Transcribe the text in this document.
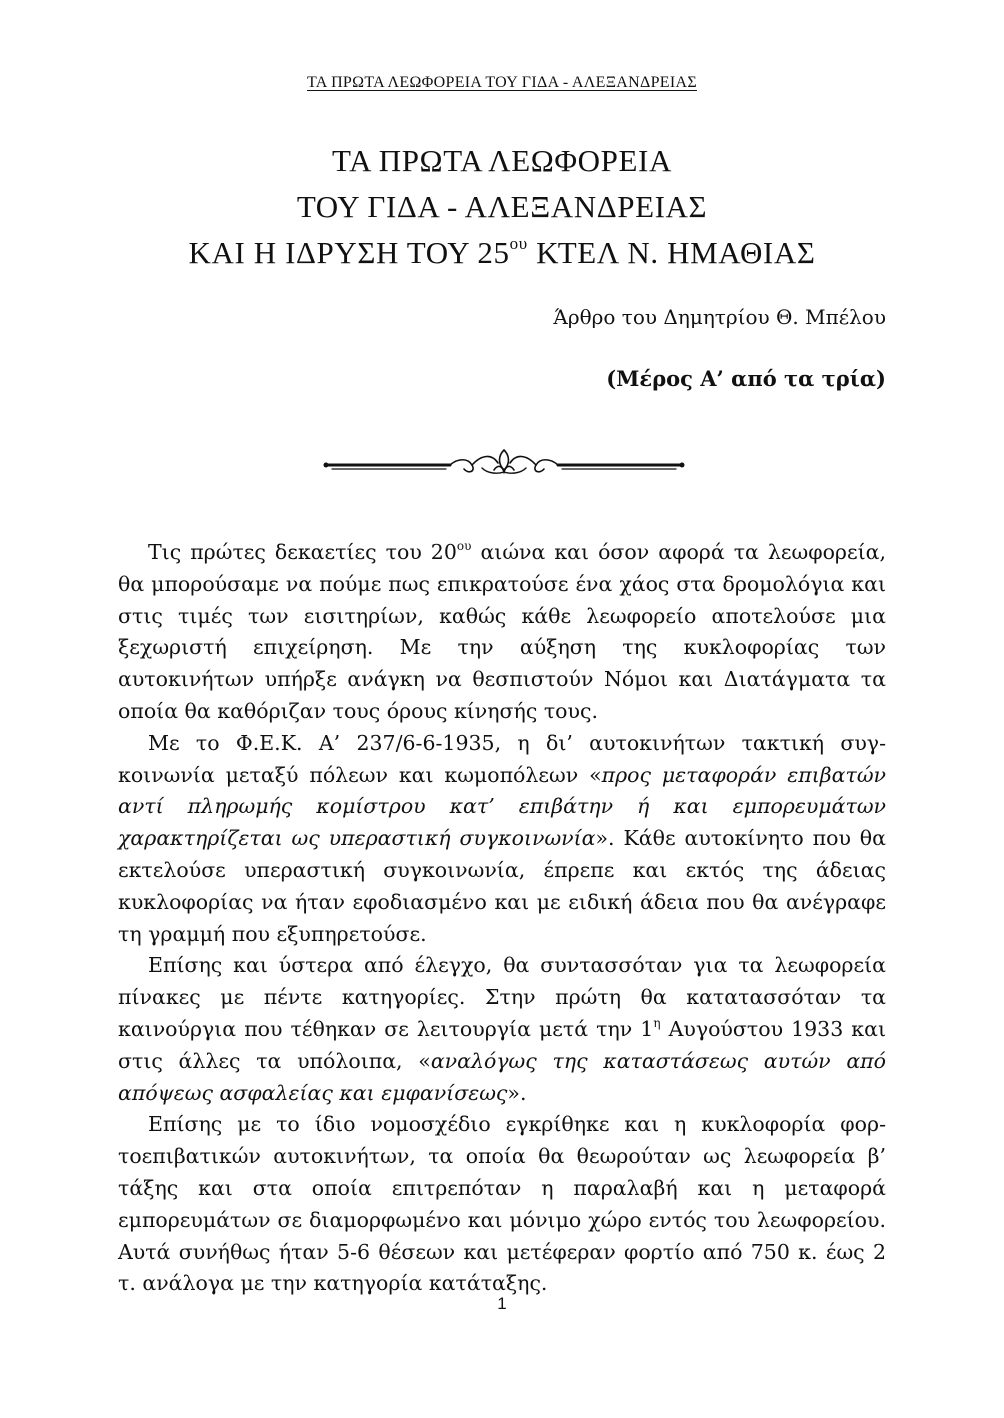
ΤΑ ΠΡΩΤΑ ΛΕΩΦΟΡΕΙΑ ΤΟΥ ΓΙΔΑ - ΑΛΕΞΑΝΔΡΕΙΑΣ
ΤΑ ΠΡΩΤΑ ΛΕΩΦΟΡΕΙΑ
ΤΟΥ ΓΙΔΑ - ΑΛΕΞΑΝΔΡΕΙΑΣ
ΚΑΙ Η ΙΔΡΥΣΗ ΤΟΥ $25^{o\upsilon}$ ΚΤΕΛ Ν. ΗΜΑΘΙΑΣ
Άρθρο του Δημητρίου Θ. Μπέλου
(Μέρος Α’ από τα τρία)

Τις πρώτες δεκαετίες του $20^{o\upsilon}$ αιώνα και όσον αφορά τα λεωφορεία, θα μπορούσαμε να πούμε πως επικρατούσε ένα χάος στα δρομολόγια και στις τιμές των εισιτηρίων, καθώς κάθε λεωφορείο αποτελούσε μια ξεχωριστή επιχείρηση. Με την αύξηση της κυκλοφορίας των αυτοκινήτων υπήρξε ανάγκη να θεσπιστούν Νόμοι και Διατάγματα τα οποία θα καθόριζαν τους όρους κίνησής τους.

Με το Φ.Ε.Κ. Α’ 237/6-6-1935, η δι’ αυτοκινήτων τακτική συγκοινωνία μεταξύ πόλεων και κωμοπόλεων «προς μεταφοράν επιβατών αντί πληρωμής κομίστρου κατ’ επιβάτην ή και εμπορευμάτων χαρακτηρίζεται ως υπεραστική συγκοινωνία». Κάθε αυτοκίνητο που θα εκτελούσε υπεραστική συγκοινωνία, έπρεπε και εκτός της άδειας κυκλοφορίας να ήταν εφοδιασμένο και με ειδική άδεια που θα ανέγραφε τη γραμμή που εξυπηρετούσε.

Επίσης και ύστερα από έλεγχο, θα συντασσόταν για τα λεωφορεία πίνακες με πέντε κατηγορίες. Στην πρώτη θα κατατασσόταν τα καινούργια που τέθηκαν σε λειτουργία μετά την $1^\eta$ Αυγούστου 1933 και στις άλλες τα υπόλοιπα, «αναλόγως της καταστάσεως αυτών από απόψεως ασφαλείας και εμφανίσεως».

Επίσης με το ίδιο νομοσχέδιο εγκρίθηκε και η κυκλοφορία φορτοεπιβατικών αυτοκινήτων, τα οποία θα θεωρούταν ως λεωφορεία β’ τάξης και στα οποία επιτρεπόταν η παραλαβή και η μεταφορά εμπορευμάτων σε διαμορφωμένο και μόνιμο χώρο εντός του λεωφορείου. Αυτά συνήθως ήταν 5-6 θέσεων και μετέφεραν φορτίο από 750 κ. έως 2 τ. ανάλογα με την κατηγορία κατάταξης.

1
